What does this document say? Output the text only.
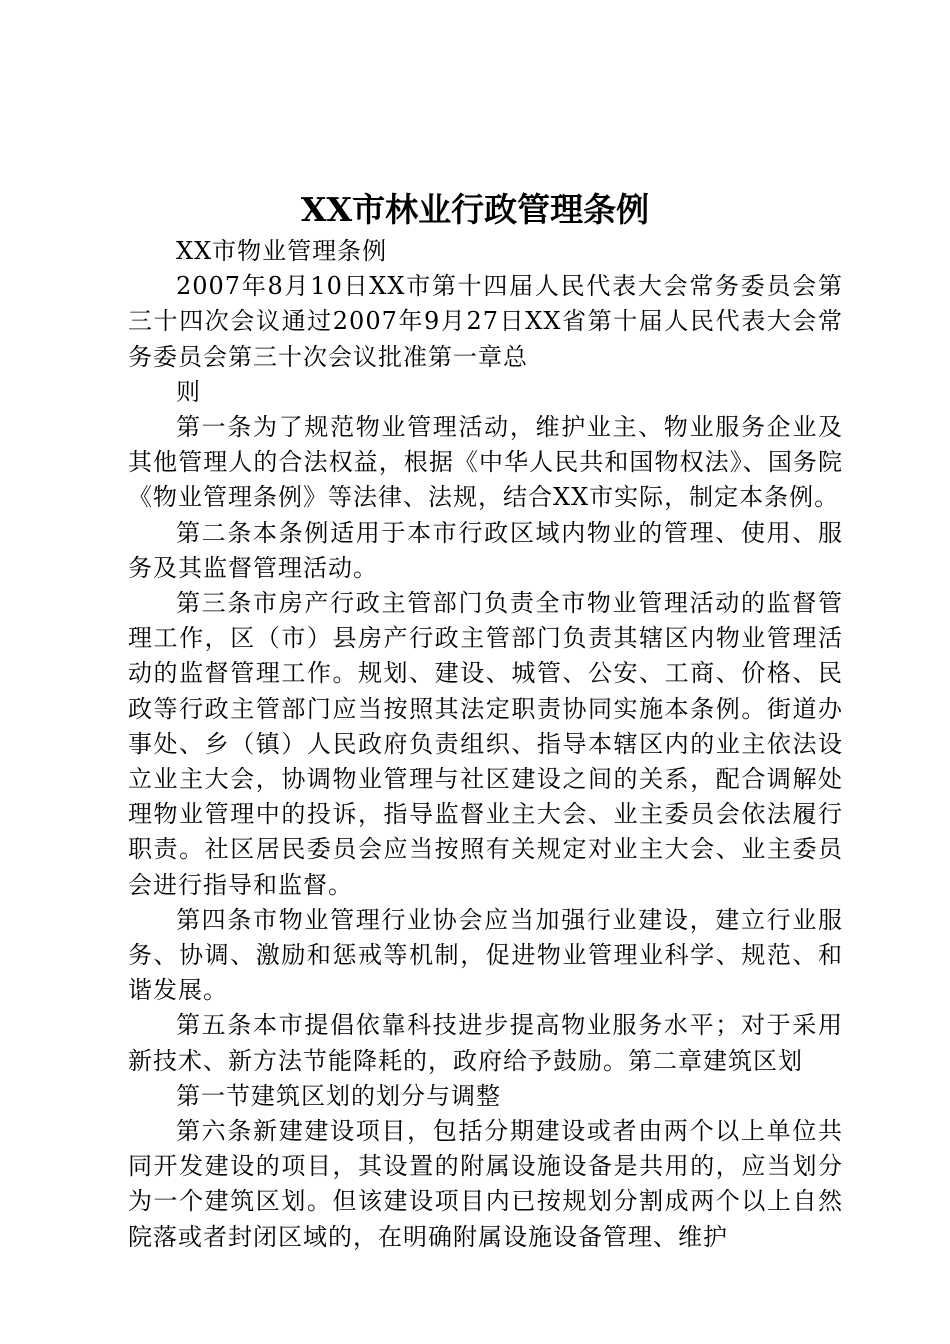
XX市林业行政管理条例

XX市物业管理条例

2007年8月10日XX市第十四届人民代表大会常务委员会第三十四次会议通过2007年9月27日XX省第十届人民代表大会常务委员会第三十次会议批准第一章总

则

第一条为了规范物业管理活动，维护业主、物业服务企业及其他管理人的合法权益，根据《中华人民共和国物权法》、国务院《物业管理条例》等法律、法规，结合XX市实际，制定本条例。

第二条本条例适用于本市行政区域内物业的管理、使用、服务及其监督管理活动。

第三条市房产行政主管部门负责全市物业管理活动的监督管理工作，区（市）县房产行政主管部门负责其辖区内物业管理活动的监督管理工作。规划、建设、城管、公安、工商、价格、民政等行政主管部门应当按照其法定职责协同实施本条例。街道办事处、乡（镇）人民政府负责组织、指导本辖区内的业主依法设立业主大会，协调物业管理与社区建设之间的关系，配合调解处理物业管理中的投诉，指导监督业主大会、业主委员会依法履行职责。社区居民委员会应当按照有关规定对业主大会、业主委员会进行指导和监督。

第四条市物业管理行业协会应当加强行业建设，建立行业服务、协调、激励和惩戒等机制，促进物业管理业科学、规范、和谐发展。

第五条本市提倡依靠科技进步提高物业服务水平；对于采用新技术、新方法节能降耗的，政府给予鼓励。第二章建筑区划

第一节建筑区划的划分与调整

第六条新建建设项目，包括分期建设或者由两个以上单位共同开发建设的项目，其设置的附属设施设备是共用的，应当划分为一个建筑区划。但该建设项目内已按规划分割成两个以上自然院落或者封闭区域的，在明确附属设施设备管理、维护
